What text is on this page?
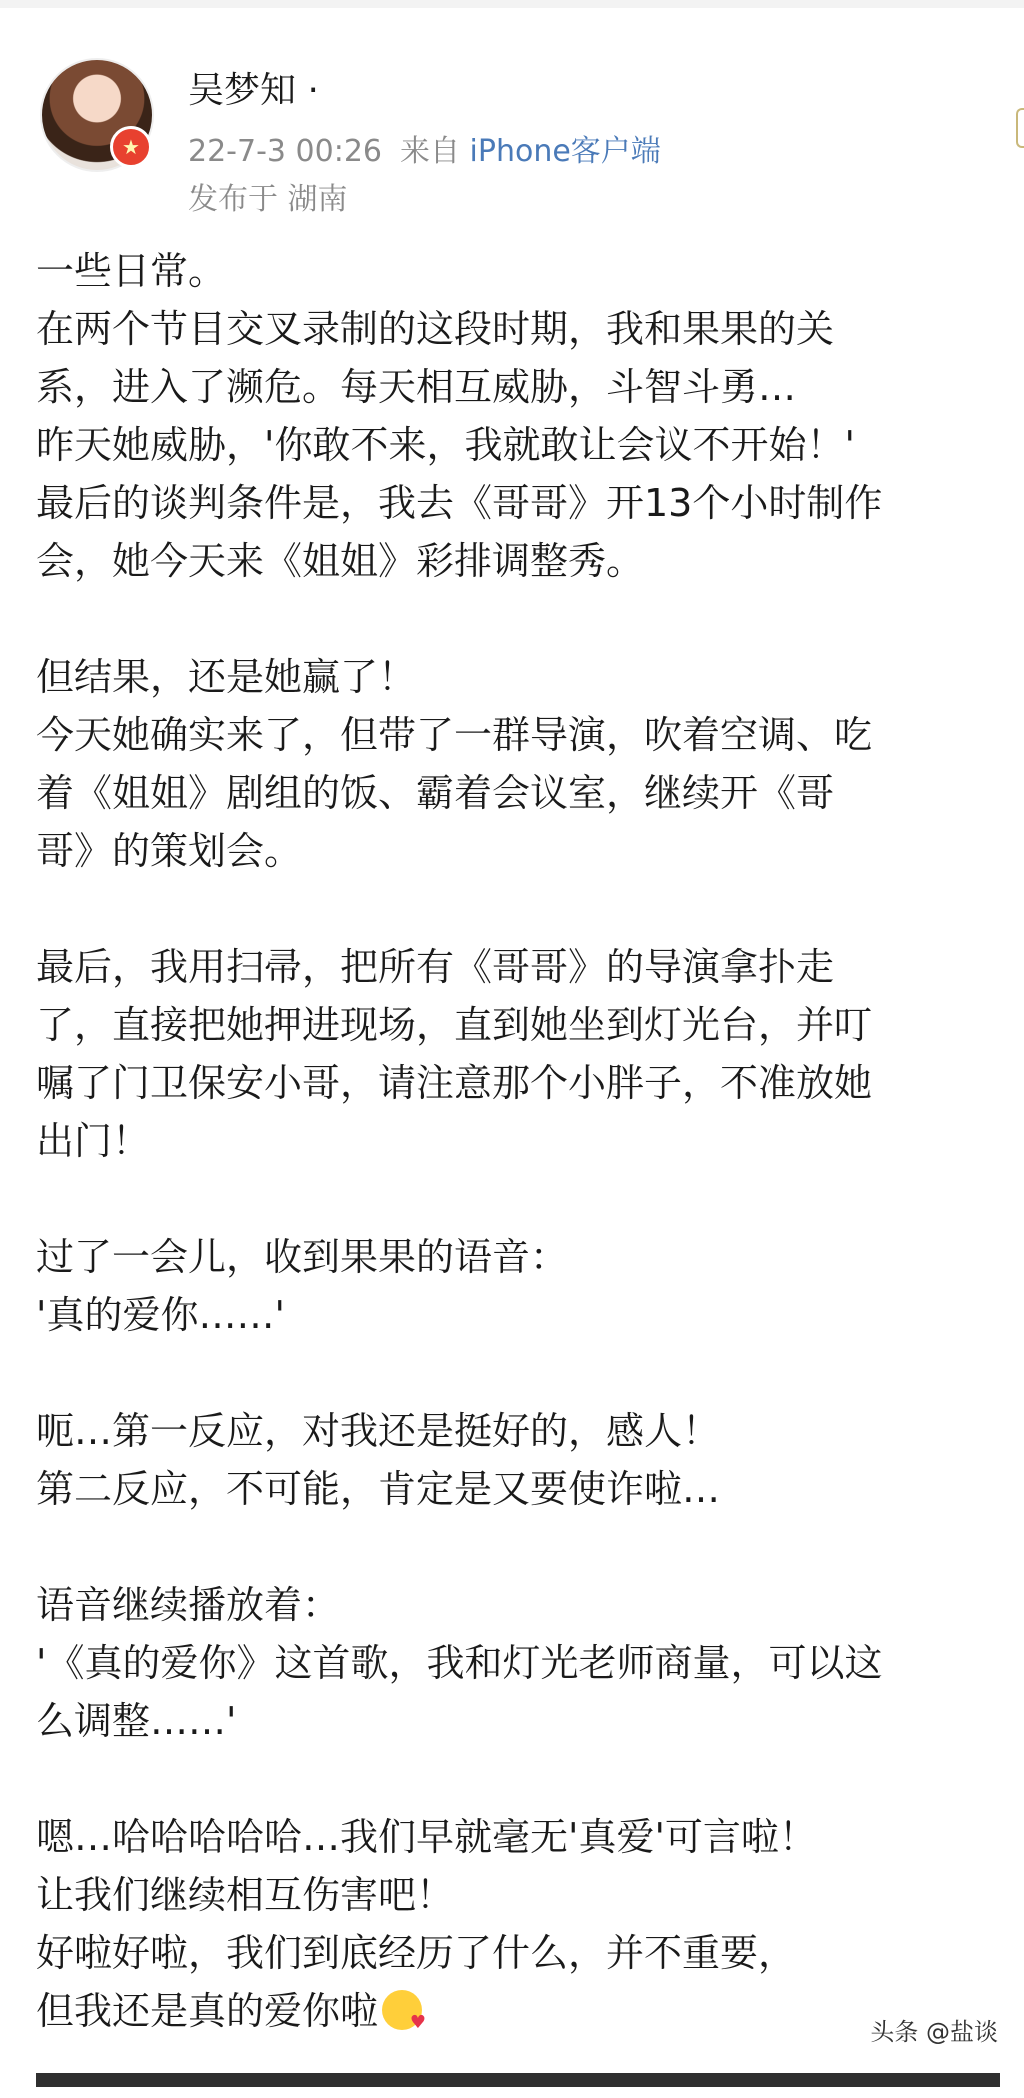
★
吴梦知 ·
22-7-3 00:26 来自 iPhone客户端
发布于 湖南
一些日常。
在两个节目交叉录制的这段时期，我和果果的关
系，进入了濒危。每天相互威胁，斗智斗勇…
昨天她威胁，'你敢不来，我就敢让会议不开始！'
最后的谈判条件是，我去《哥哥》开13个小时制作
会，她今天来《姐姐》彩排调整秀。
但结果，还是她赢了！
今天她确实来了，但带了一群导演，吹着空调、吃
着《姐姐》剧组的饭、霸着会议室，继续开《哥
哥》的策划会。
最后，我用扫帚，把所有《哥哥》的导演拿扑走
了，直接把她押进现场，直到她坐到灯光台，并叮
嘱了门卫保安小哥，请注意那个小胖子，不准放她
出门！
过了一会儿，收到果果的语音：
'真的爱你……'
呃…第一反应，对我还是挺好的，感人！
第二反应，不可能，肯定是又要使诈啦…
语音继续播放着：
'《真的爱你》这首歌，我和灯光老师商量，可以这
么调整……'
嗯…哈哈哈哈哈…我们早就毫无'真爱'可言啦！
让我们继续相互伤害吧！
好啦好啦，我们到底经历了什么，并不重要，
但我还是真的爱你啦♥	头条 @盐谈
